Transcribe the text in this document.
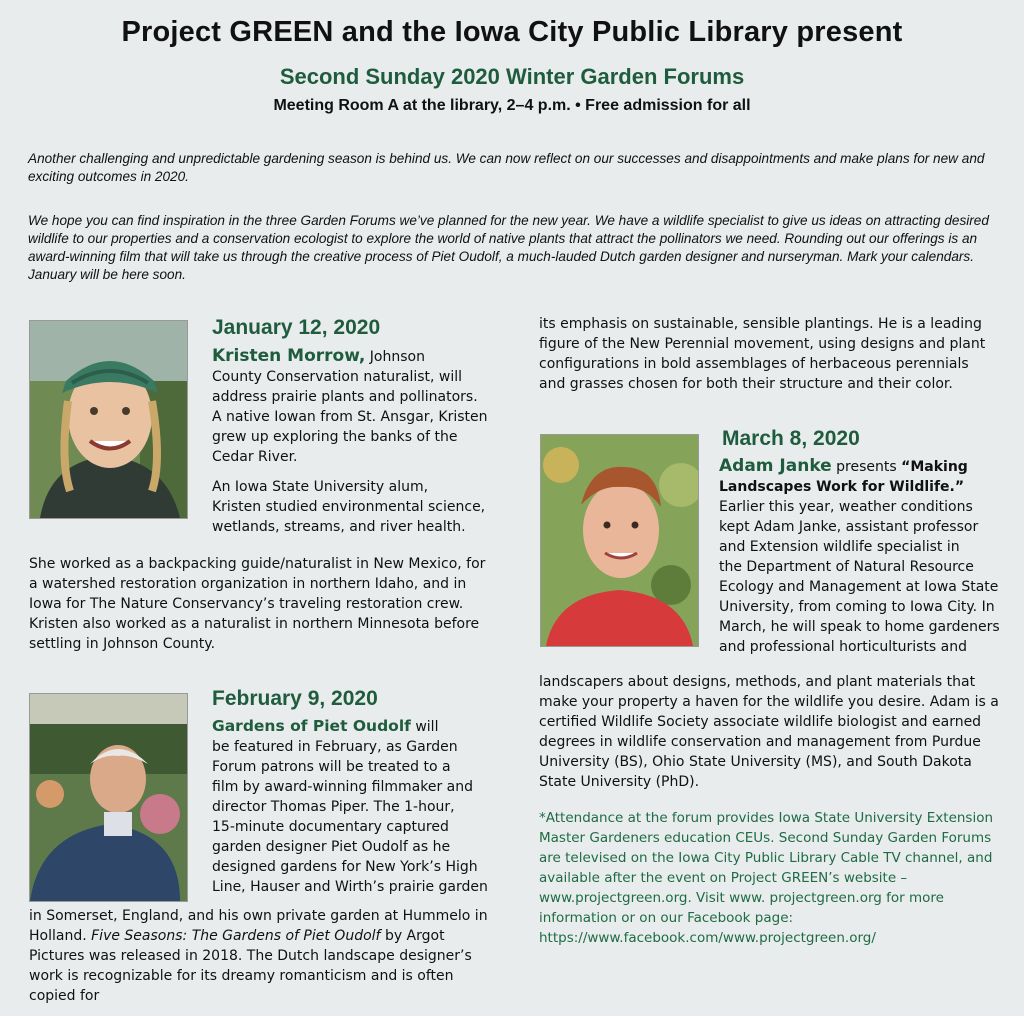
Project GREEN and the Iowa City Public Library present
Second Sunday 2020 Winter Garden Forums
Meeting Room A at the library, 2–4 p.m. • Free admission for all
Another challenging and unpredictable gardening season is behind us. We can now reflect on our successes and disappointments and make plans for new and exciting outcomes in 2020.
We hope you can find inspiration in the three Garden Forums we’ve planned for the new year. We have a wildlife specialist to give us ideas on attracting desired wildlife to our properties and a conservation ecologist to explore the world of native plants that attract the pollinators we need. Rounding out our offerings is an award-winning film that will take us through the creative process of Piet Oudolf, a much-lauded Dutch garden designer and nurseryman. Mark your calendars. January will be here soon.
January 12, 2020
Kristen Morrow, Johnson
County Conservation naturalist, will
address prairie plants and pollinators.
A native Iowan from St. Ansgar, Kristen
grew up exploring the banks of the
Cedar River.
An Iowa State University alum,
Kristen studied environmental science,
wetlands, streams, and river health.
She worked as a backpacking guide/naturalist in New Mexico, for a watershed restoration organization in northern Idaho, and in Iowa for The Nature Conservancy’s traveling restoration crew. Kristen also worked as a naturalist in northern Minnesota before settling in Johnson County.
February 9, 2020
Gardens of Piet Oudolf will
be featured in February, as Garden
Forum patrons will be treated to a
film by award-winning filmmaker and
director Thomas Piper. The 1-hour,
15-minute documentary captured
garden designer Piet Oudolf as he
designed gardens for New York’s High
Line, Hauser and Wirth’s prairie garden
in Somerset, England, and his own private garden at Hummelo in Holland. Five Seasons: The Gardens of Piet Oudolf by Argot Pictures was released in 2018. The Dutch landscape designer’s work is recognizable for its dreamy romanticism and is often copied for
its emphasis on sustainable, sensible plantings. He is a leading figure of the New Perennial movement, using designs and plant configurations in bold assemblages of herbaceous perennials and grasses chosen for both their structure and their color.
March 8, 2020
Adam Janke presents “Making
Landscapes Work for Wildlife.”
Earlier this year, weather conditions
kept Adam Janke, assistant professor
and Extension wildlife specialist in
the Department of Natural Resource
Ecology and Management at Iowa State
University, from coming to Iowa City. In
March, he will speak to home gardeners
and professional horticulturists and
landscapers about designs, methods, and plant materials that make your property a haven for the wildlife you desire. Adam is a certified Wildlife Society associate wildlife biologist and earned degrees in wildlife conservation and management from Purdue University (BS), Ohio State University (MS), and South Dakota State University (PhD).
*Attendance at the forum provides Iowa State University Extension Master Gardeners education CEUs. Second Sunday Garden Forums are televised on the Iowa City Public Library Cable TV channel, and available after the event on Project GREEN’s website – www.projectgreen.org. Visit www. projectgreen.org for more information or on our Facebook page: https://www.facebook.com/www.projectgreen.org/
